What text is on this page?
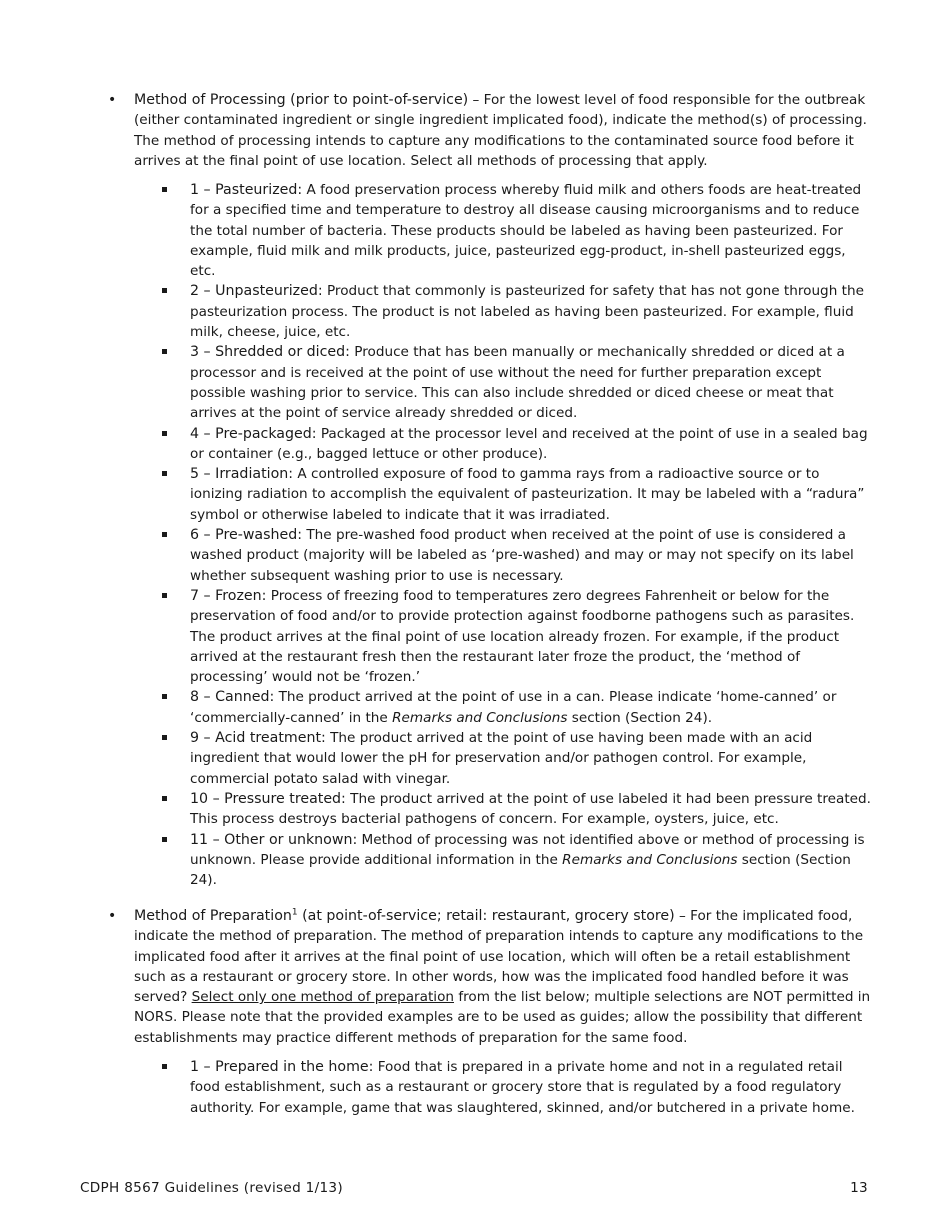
• Method of Processing (prior to point-of-service) – For the lowest level of food responsible for the outbreak (either contaminated ingredient or single ingredient implicated food), indicate the method(s) of processing. The method of processing intends to capture any modifications to the contaminated source food before it arrives at the final point of use location. Select all methods of processing that apply.
1 – Pasteurized: A food preservation process whereby fluid milk and others foods are heat-treated for a specified time and temperature to destroy all disease causing microorganisms and to reduce the total number of bacteria. These products should be labeled as having been pasteurized. For example, fluid milk and milk products, juice, pasteurized egg-product, in-shell pasteurized eggs, etc.
2 – Unpasteurized: Product that commonly is pasteurized for safety that has not gone through the pasteurization process. The product is not labeled as having been pasteurized. For example, fluid milk, cheese, juice, etc.
3 – Shredded or diced: Produce that has been manually or mechanically shredded or diced at a processor and is received at the point of use without the need for further preparation except possible washing prior to service. This can also include shredded or diced cheese or meat that arrives at the point of service already shredded or diced.
4 – Pre-packaged: Packaged at the processor level and received at the point of use in a sealed bag or container (e.g., bagged lettuce or other produce).
5 – Irradiation: A controlled exposure of food to gamma rays from a radioactive source or to ionizing radiation to accomplish the equivalent of pasteurization. It may be labeled with a “radura” symbol or otherwise labeled to indicate that it was irradiated.
6 – Pre-washed: The pre-washed food product when received at the point of use is considered a washed product (majority will be labeled as ‘pre-washed) and may or may not specify on its label whether subsequent washing prior to use is necessary.
7 – Frozen: Process of freezing food to temperatures zero degrees Fahrenheit or below for the preservation of food and/or to provide protection against foodborne pathogens such as parasites. The product arrives at the final point of use location already frozen. For example, if the product arrived at the restaurant fresh then the restaurant later froze the product, the ‘method of processing’ would not be ‘frozen.’
8 – Canned: The product arrived at the point of use in a can. Please indicate ‘home-canned’ or ‘commercially-canned’ in the Remarks and Conclusions section (Section 24).
9 – Acid treatment: The product arrived at the point of use having been made with an acid ingredient that would lower the pH for preservation and/or pathogen control. For example, commercial potato salad with vinegar.
10 – Pressure treated: The product arrived at the point of use labeled it had been pressure treated. This process destroys bacterial pathogens of concern. For example, oysters, juice, etc.
11 – Other or unknown: Method of processing was not identified above or method of processing is unknown. Please provide additional information in the Remarks and Conclusions section (Section 24).
• Method of Preparation$^1$ (at point-of-service; retail: restaurant, grocery store) – For the implicated food, indicate the method of preparation. The method of preparation intends to capture any modifications to the implicated food after it arrives at the final point of use location, which will often be a retail establishment such as a restaurant or grocery store. In other words, how was the implicated food handled before it was served? Select only one method of preparation from the list below; multiple selections are NOT permitted in NORS. Please note that the provided examples are to be used as guides; allow the possibility that different establishments may practice different methods of preparation for the same food.
1 – Prepared in the home: Food that is prepared in a private home and not in a regulated retail food establishment, such as a restaurant or grocery store that is regulated by a food regulatory authority. For example, game that was slaughtered, skinned, and/or butchered in a private home.
CDPH 8567 Guidelines (revised 1/13)	13
